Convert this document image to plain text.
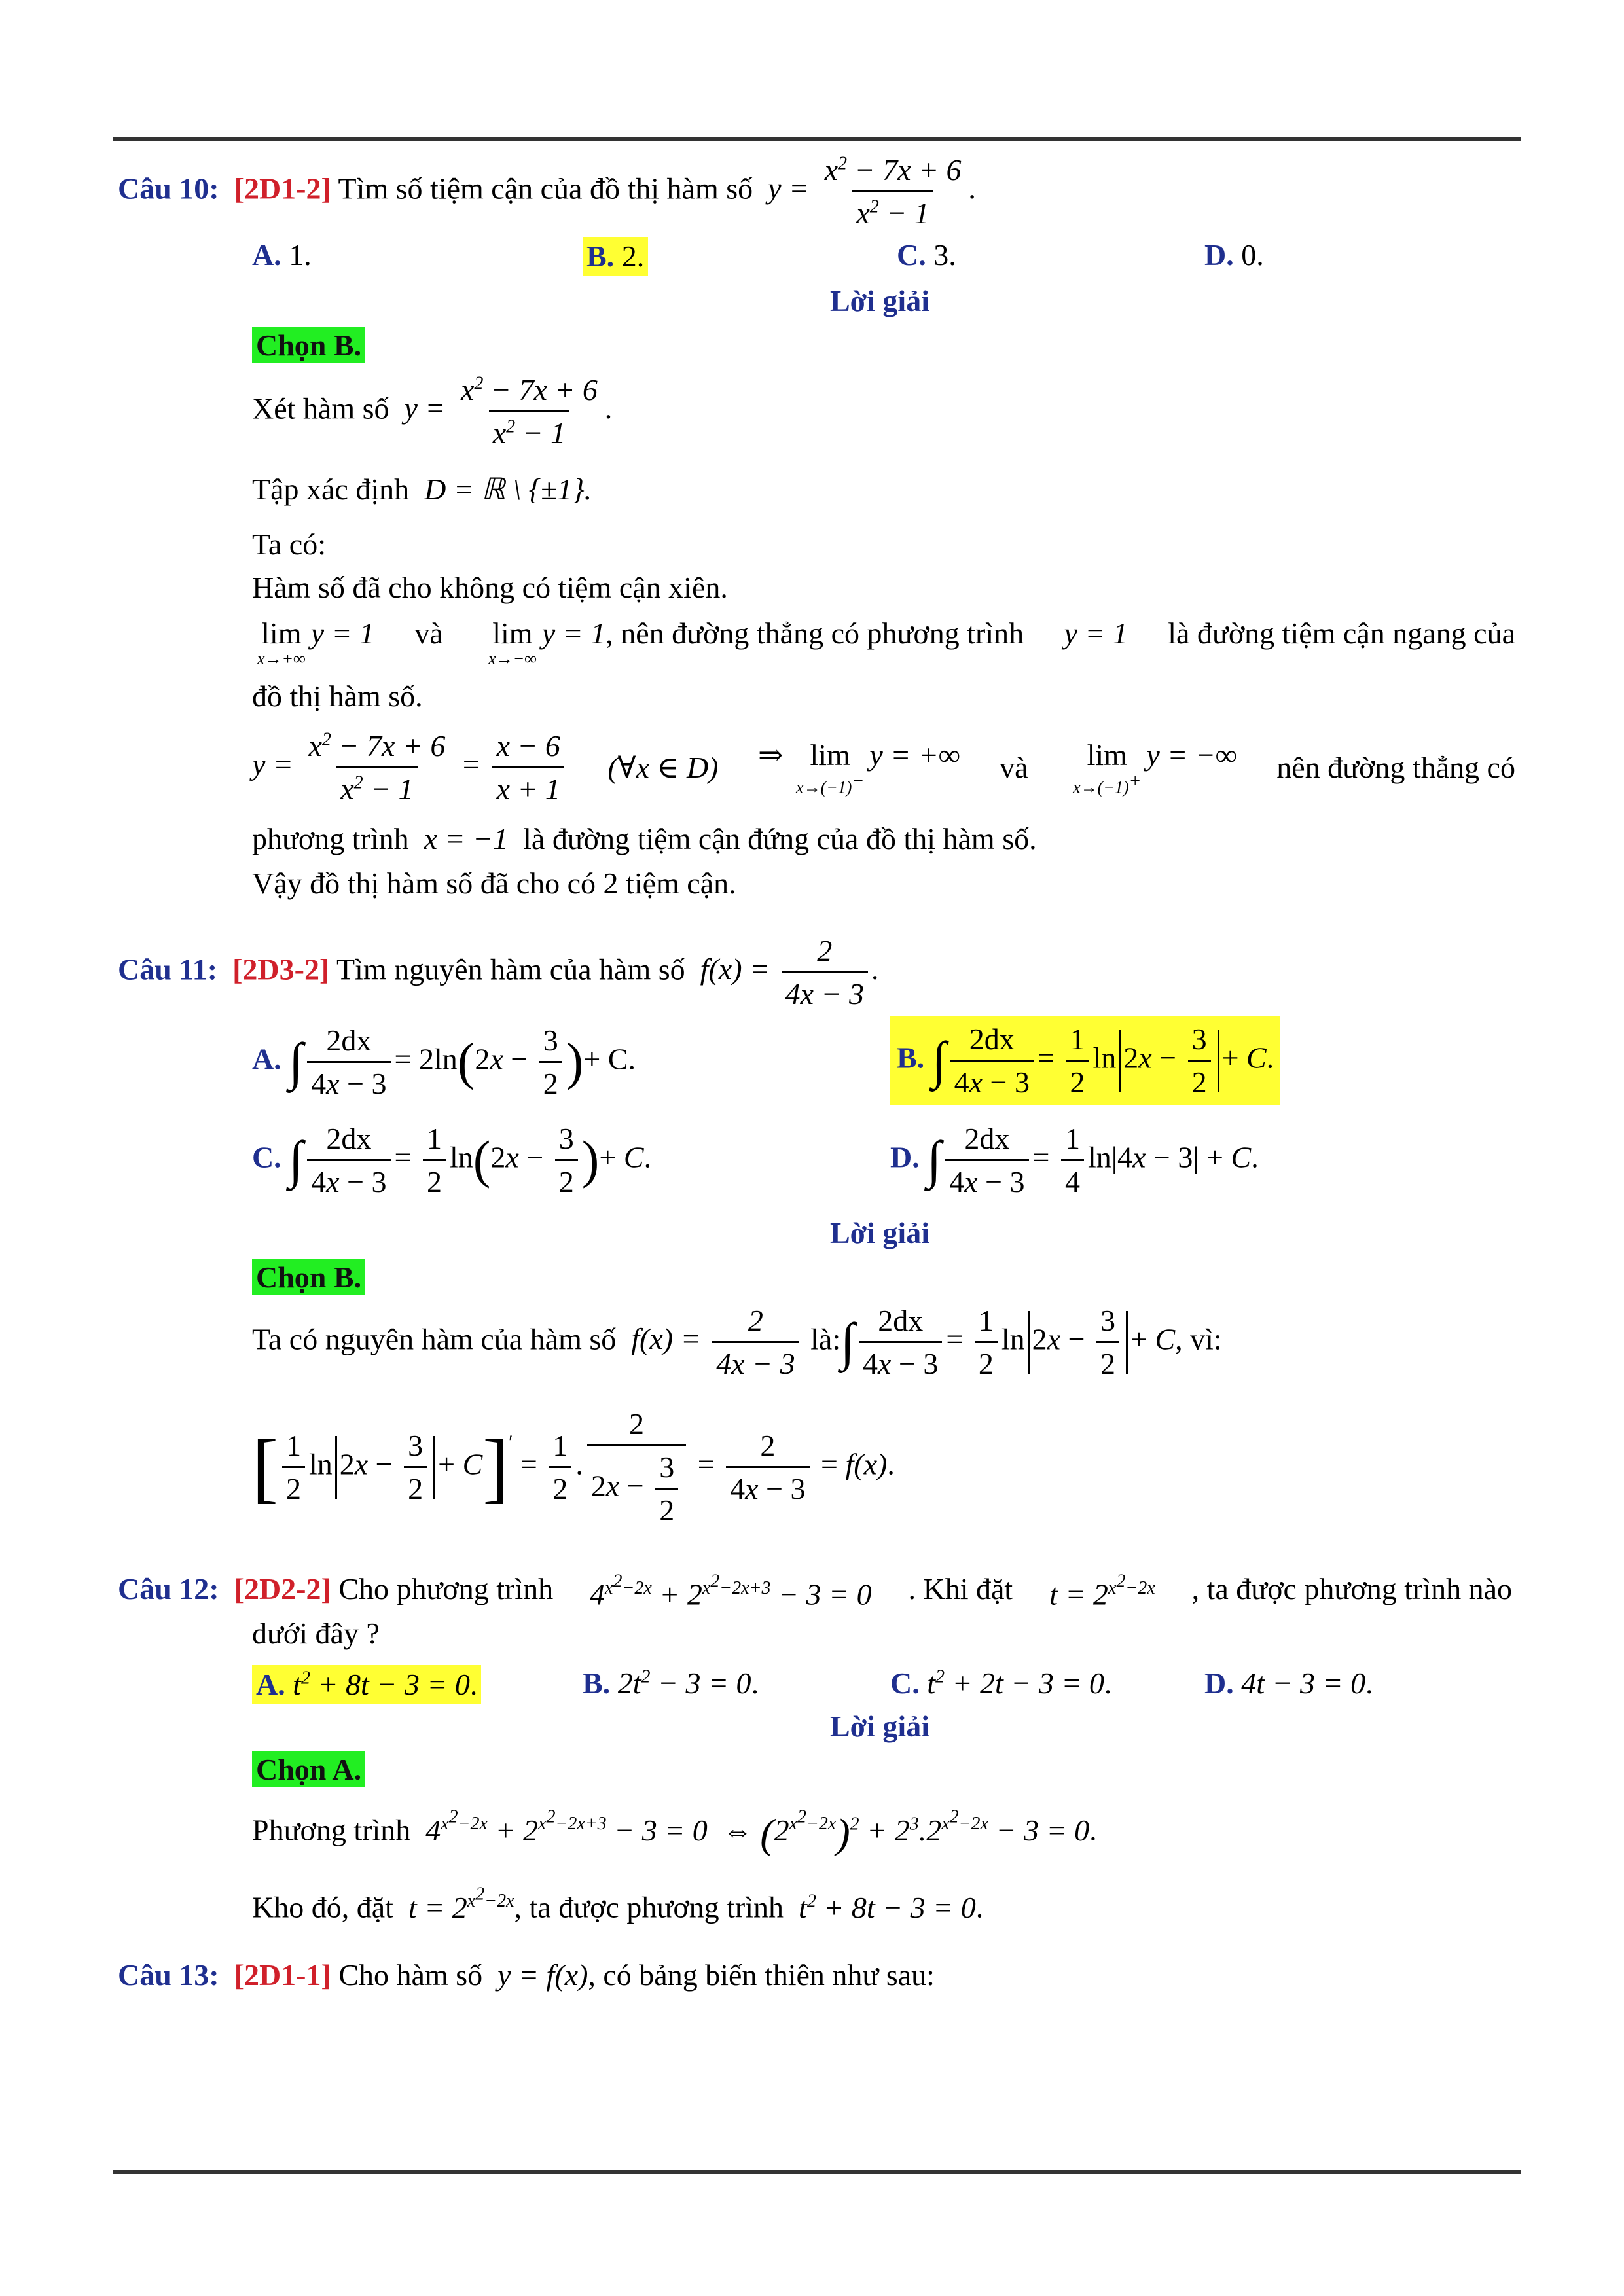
Câu 10: [2D1-2] Tìm số tiệm cận của đồ thị hàm số  $y = \frac{x^2 - 7x + 6}{x^2 - 1}$ .
A. 1.	B. 2.	C. 3.	D. 0.
Lời giải
Chọn B.
Xét hàm số  $y = \frac{x^2 - 7x + 6}{x^2 - 1}$ .
Tập xác định  D = ℝ \ {±1}.
Ta có:
Hàm số đã cho không có tiệm cận xiên.
lim
x→+∞
y = 1 và lim
x→−∞
y = 1, nên đường thẳng có phương trình y = 1 là đường tiệm cận ngang của
đồ thị hàm số.
$y = \frac{x^2 - 7x + 6}{x^2 - 1} = \frac{x - 6}{x + 1}$ (∀x ∈ D) ⇒ lim
x→(−1)−
y = +∞ và lim
x→(−1)+
y = −∞ nên đường thẳng có
phương trình  x = −1  là đường tiệm cận đứng của đồ thị hàm số.
Vậy đồ thị hàm số đã cho có 2 tiệm cận.
Câu 11: [2D3-2] Tìm nguyên hàm của hàm số  $f(x) = \frac{2}{4x - 3}$ .
A. ∫ $\frac{2dx}{4x - 3} = 2\ln(2x - \frac{3}{2}$ )+ C.	B. ∫ $\frac{2dx}{4x - 3} = \frac{1}{2}$ $\ln 2x - \frac{3}{2} + C$.
C. ∫ $\frac{2dx}{4x - 3} = \frac{1}{2} \ln(2x - \frac{3}{2}$ )+ C.	D. ∫ $\frac{2dx}{4x - 3} = \frac{1}{4} \ln|4x - 3| + C$.
Lời giải
Chọn B.
Ta có nguyên hàm của hàm số  $f(x) = \frac{2}{4x - 3}$ là:∫ $\frac{2dx}{4x - 3} = \frac{1}{2}$ $\ln 2x - \frac{3}{2} + C$, vì:
[ $\frac{1}{2}$ $\ln 2x - \frac{3}{2} + C]' = \frac{1}{2}$ . $\frac{2}{2x - \frac{3}{2}} = \frac{2}{4x - 3} = f(x)$.
Câu 12: [2D2-2] Cho phương trình $4^{x^2-2x} + 2^{x^2-2x+3} - 3 = 0$ . Khi đặt $t = 2^{x^2-2x}$ , ta được phương trình nào
dưới đây ?
A. $t^2 + 8t - 3 = 0$.	B. $2t^2 - 3 = 0$.	C. $t^2 + 2t - 3 = 0$.	D. 4t − 3 = 0.
Lời giải
Chọn A.
Phương trình  $4^{x^2-2x} + 2^{x^2-2x+3} - 3 = 0$  ⇔ $(2^{x^2-2x})^2 + 2^3.2^{x^2-2x} - 3 = 0$.
Kho đó, đặt  $t = 2^{x^2-2x}$, ta được phương trình  $t^2 + 8t - 3 = 0$.
Câu 13: [2D1-1] Cho hàm số  y = f(x), có bảng biến thiên như sau:
